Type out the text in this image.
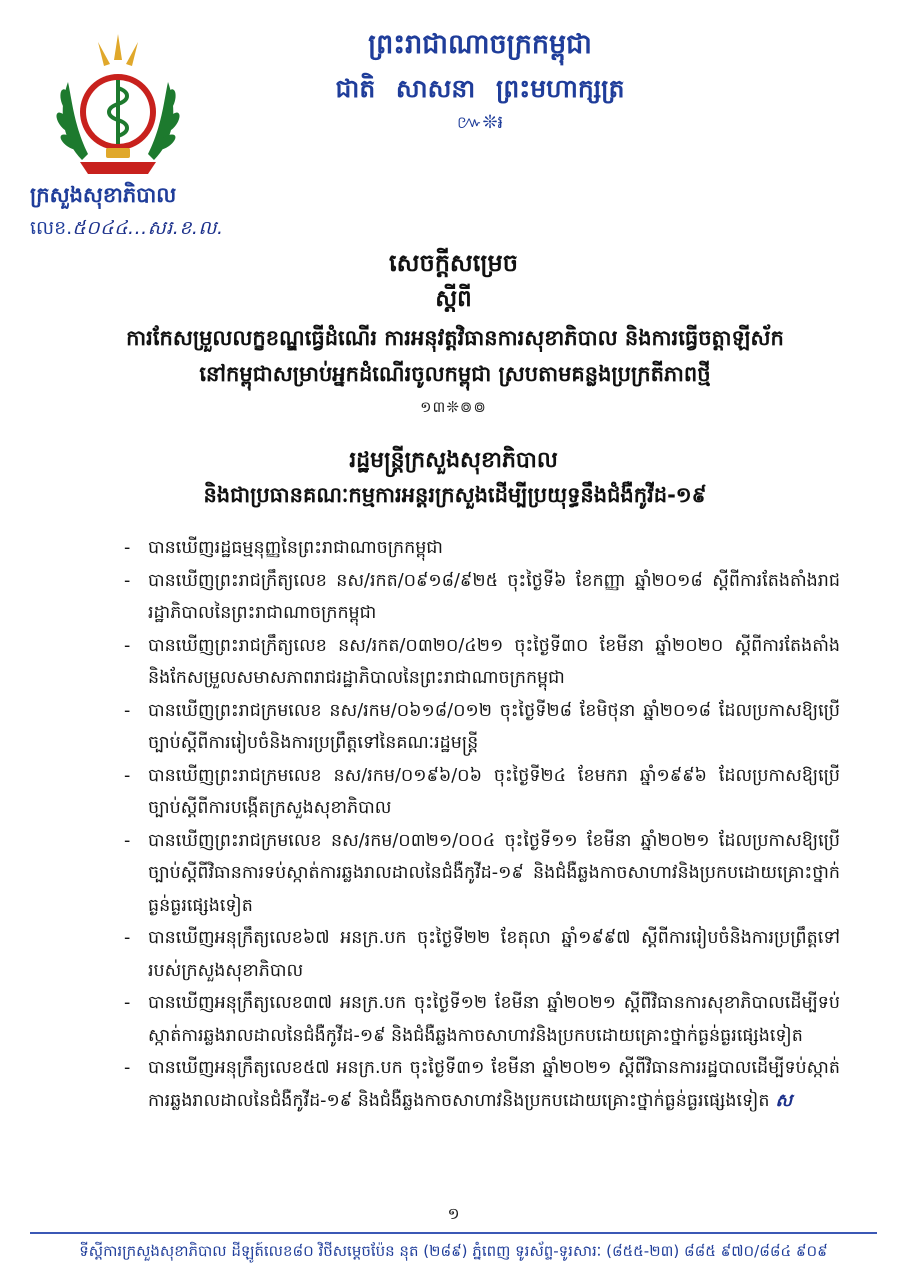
ក្រសួងសុខាភិបាល
លេខ.៥០៤៤...សរ.ខ.ល.
ព្រះរាជាណាចក្រកម្ពុជា
ជាតិ សាសនា ព្រះមហាក្សត្រ
៚❊៛
សេចក្តីសម្រេច
ស្តីពី
ការកែសម្រួលលក្ខខណ្ឌធ្វើដំណើរ ការអនុវត្តវិធានការសុខាភិបាល និងការធ្វើចត្តាឡីស័ក
នៅកម្ពុជាសម្រាប់អ្នកដំណើរចូលកម្ពុជា ស្របតាមគន្លងប្រក្រតីភាពថ្មី
១៣❊៙៙
រដ្ឋមន្ត្រីក្រសួងសុខាភិបាល
និងជាប្រធានគណៈកម្មការអន្តរក្រសួងដើម្បីប្រយុទ្ធនឹងជំងឺកូវីដ-១៩
-	បានឃើញរដ្ឋធម្មនុញ្ញនៃព្រះរាជាណាចក្រកម្ពុជា
-	បានឃើញព្រះរាជក្រឹត្យលេខ នស/រកត/០៩១៨/៩២៥ ចុះថ្ងៃទី៦ ខែកញ្ញា ឆ្នាំ២០១៨ ស្តីពីការតែងតាំងរាជរដ្ឋាភិបាលនៃព្រះរាជាណាចក្រកម្ពុជា
-	បានឃើញព្រះរាជក្រឹត្យលេខ នស/រកត/០៣២០/៤២១ ចុះថ្ងៃទី៣០ ខែមីនា ឆ្នាំ២០២០ ស្តីពីការតែងតាំងនិងកែសម្រួលសមាសភាពរាជរដ្ឋាភិបាលនៃព្រះរាជាណាចក្រកម្ពុជា
-	បានឃើញព្រះរាជក្រមលេខ នស/រកម/០៦១៨/០១២ ចុះថ្ងៃទី២៨ ខែមិថុនា ឆ្នាំ២០១៨ ដែលប្រកាសឱ្យប្រើច្បាប់ស្តីពីការរៀបចំនិងការប្រព្រឹត្តទៅនៃគណៈរដ្ឋមន្ត្រី
-	បានឃើញព្រះរាជក្រមលេខ នស/រកម/០១៩៦/០៦ ចុះថ្ងៃទី២៤ ខែមករា ឆ្នាំ១៩៩៦ ដែលប្រកាសឱ្យប្រើច្បាប់ស្តីពីការបង្កើតក្រសួងសុខាភិបាល
-	បានឃើញព្រះរាជក្រមលេខ នស/រកម/០៣២១/០០៤ ចុះថ្ងៃទី១១ ខែមីនា ឆ្នាំ២០២១ ដែលប្រកាសឱ្យប្រើច្បាប់ស្តីពីវិធានការទប់ស្កាត់ការឆ្លងរាលដាលនៃជំងឺកូវីដ-១៩ និងជំងឺឆ្លងកាចសាហាវនិងប្រកបដោយគ្រោះថ្នាក់ធ្ងន់ធ្ងរផ្សេងទៀត
-	បានឃើញអនុក្រឹត្យលេខ៦៧ អនក្រ.បក ចុះថ្ងៃទី២២ ខែតុលា ឆ្នាំ១៩៩៧ ស្តីពីការរៀបចំនិងការប្រព្រឹត្តទៅរបស់ក្រសួងសុខាភិបាល
-	បានឃើញអនុក្រឹត្យលេខ៣៧ អនក្រ.បក ចុះថ្ងៃទី១២ ខែមីនា ឆ្នាំ២០២១ ស្តីពីវិធានការសុខាភិបាលដើម្បីទប់ស្កាត់ការឆ្លងរាលដាលនៃជំងឺកូវីដ-១៩ និងជំងឺឆ្លងកាចសាហាវនិងប្រកបដោយគ្រោះថ្នាក់ធ្ងន់ធ្ងរផ្សេងទៀត
-	បានឃើញអនុក្រឹត្យលេខ៥៧ អនក្រ.បក ចុះថ្ងៃទី៣១ ខែមីនា ឆ្នាំ២០២១ ស្តីពីវិធានការរដ្ឋបាលដើម្បីទប់ស្កាត់ការឆ្លងរាលដាលនៃជំងឺកូវីដ-១៩ និងជំងឺឆ្លងកាចសាហាវនិងប្រកបដោយគ្រោះថ្នាក់ធ្ងន់ធ្ងរផ្សេងទៀត ស
១
ទីស្តីការក្រសួងសុខាភិបាល ដីឡូត៍លេខ៨០ វិថីសម្តេចប៉ែន នុត (២៨៩) ភ្នំពេញ ទូរស័ព្ទ-ទូរសារៈ (៨៥៥-២៣) ៨៨៥ ៩៧០/៨៨៤ ៩០៩
